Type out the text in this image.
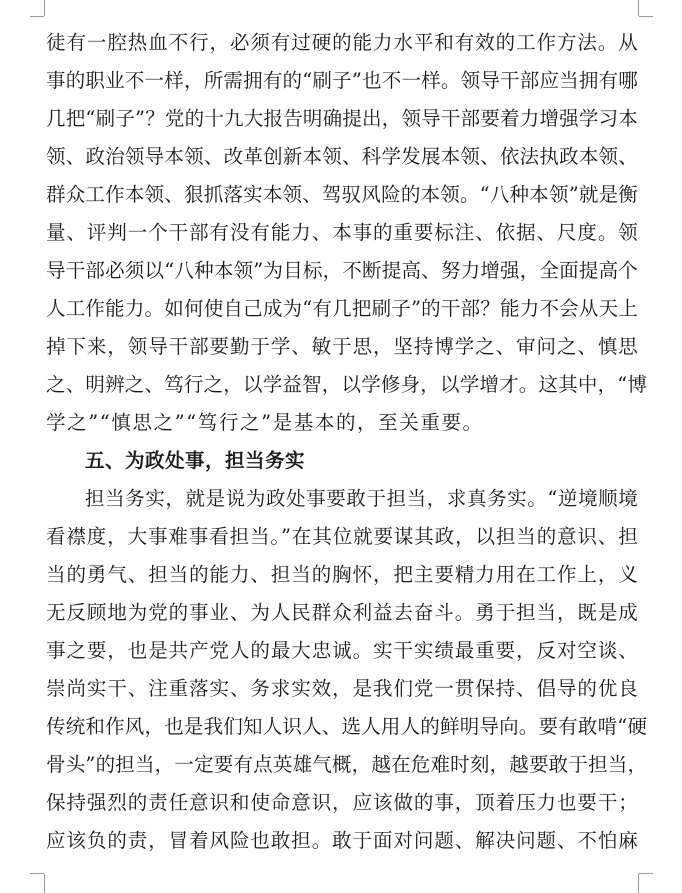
徒有一腔热血不行，必须有过硬的能力水平和有效的工作方法。从
事的职业不一样，所需拥有的“刷子”也不一样。领导干部应当拥有哪
几把“刷子”？党的十九大报告明确提出，领导干部要着力增强学习本
领、政治领导本领、改革创新本领、科学发展本领、依法执政本领、
群众工作本领、狠抓落实本领、驾驭风险的本领。“八种本领”就是衡
量、评判一个干部有没有能力、本事的重要标注、依据、尺度。领
导干部必须以“八种本领”为目标，不断提高、努力增强，全面提高个
人工作能力。如何使自己成为“有几把刷子”的干部？能力不会从天上
掉下来，领导干部要勤于学、敏于思，坚持博学之、审问之、慎思
之、明辨之、笃行之，以学益智，以学修身，以学增才。这其中，“博
学之”“慎思之”“笃行之”是基本的，至关重要。
五、为政处事，担当务实
担当务实，就是说为政处事要敢于担当，求真务实。“逆境顺境
看襟度，大事难事看担当。”在其位就要谋其政，以担当的意识、担
当的勇气、担当的能力、担当的胸怀，把主要精力用在工作上，义
无反顾地为党的事业、为人民群众利益去奋斗。勇于担当，既是成
事之要，也是共产党人的最大忠诚。实干实绩最重要，反对空谈、
崇尚实干、注重落实、务求实效，是我们党一贯保持、倡导的优良
传统和作风，也是我们知人识人、选人用人的鲜明导向。要有敢啃“硬
骨头”的担当，一定要有点英雄气概，越在危难时刻，越要敢于担当，
保持强烈的责任意识和使命意识，应该做的事，顶着压力也要干；
应该负的责，冒着风险也敢担。敢于面对问题、解决问题、不怕麻
